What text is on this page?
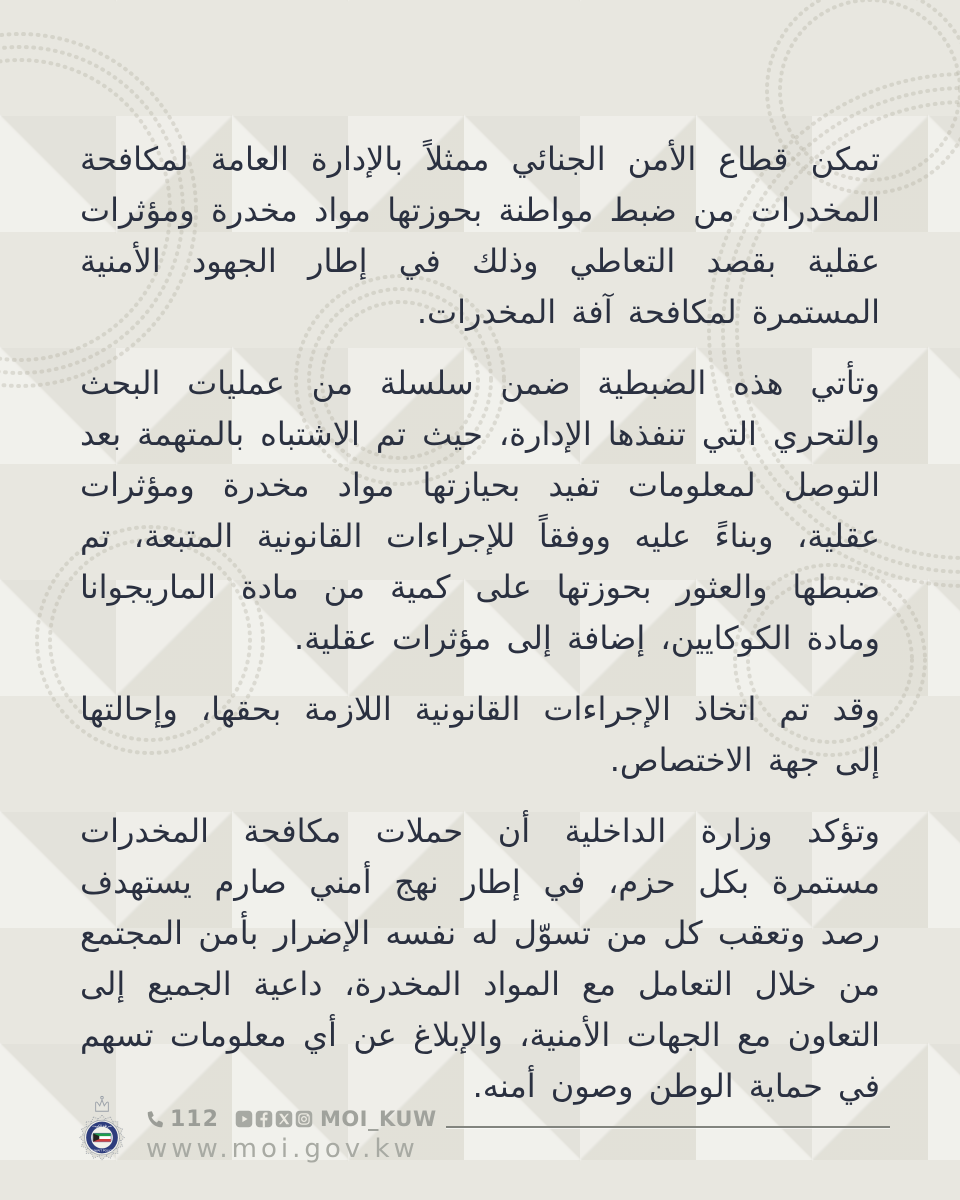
تمكن قطاع الأمن الجنائي ممثلاً بالإدارة العامة لمكافحة المخدرات من ضبط مواطنة بحوزتها مواد مخدرة ومؤثرات عقلية بقصد التعاطي وذلك في إطار الجهود الأمنية المستمرة لمكافحة آفة المخدرات.

وتأتي هذه الضبطية ضمن سلسلة من عمليات البحث والتحري التي تنفذها الإدارة، حيث تم الاشتباه بالمتهمة بعد التوصل لمعلومات تفيد بحيازتها مواد مخدرة ومؤثرات عقلية، وبناءً عليه ووفقاً للإجراءات القانونية المتبعة، تم ضبطها والعثور بحوزتها على كمية من مادة الماريجوانا ومادة الكوكايين، إضافة إلى مؤثرات عقلية.

وقد تم اتخاذ الإجراءات القانونية اللازمة بحقها، وإحالتها إلى جهة الاختصاص.

وتؤكد وزارة الداخلية أن حملات مكافحة المخدرات مستمرة بكل حزم، في إطار نهج أمني صارم يستهدف رصد وتعقب كل من تسوّل له نفسه الإضرار بأمن المجتمع من خلال التعامل مع المواد المخدرة، داعية الجميع إلى التعاون مع الجهات الأمنية، والإبلاغ عن أي معلومات تسهم في حماية الوطن وصون أمنه.

شرطة الكويت
KUWAIT POLICE
112	MOI_KUW
www.moi.gov.kw
